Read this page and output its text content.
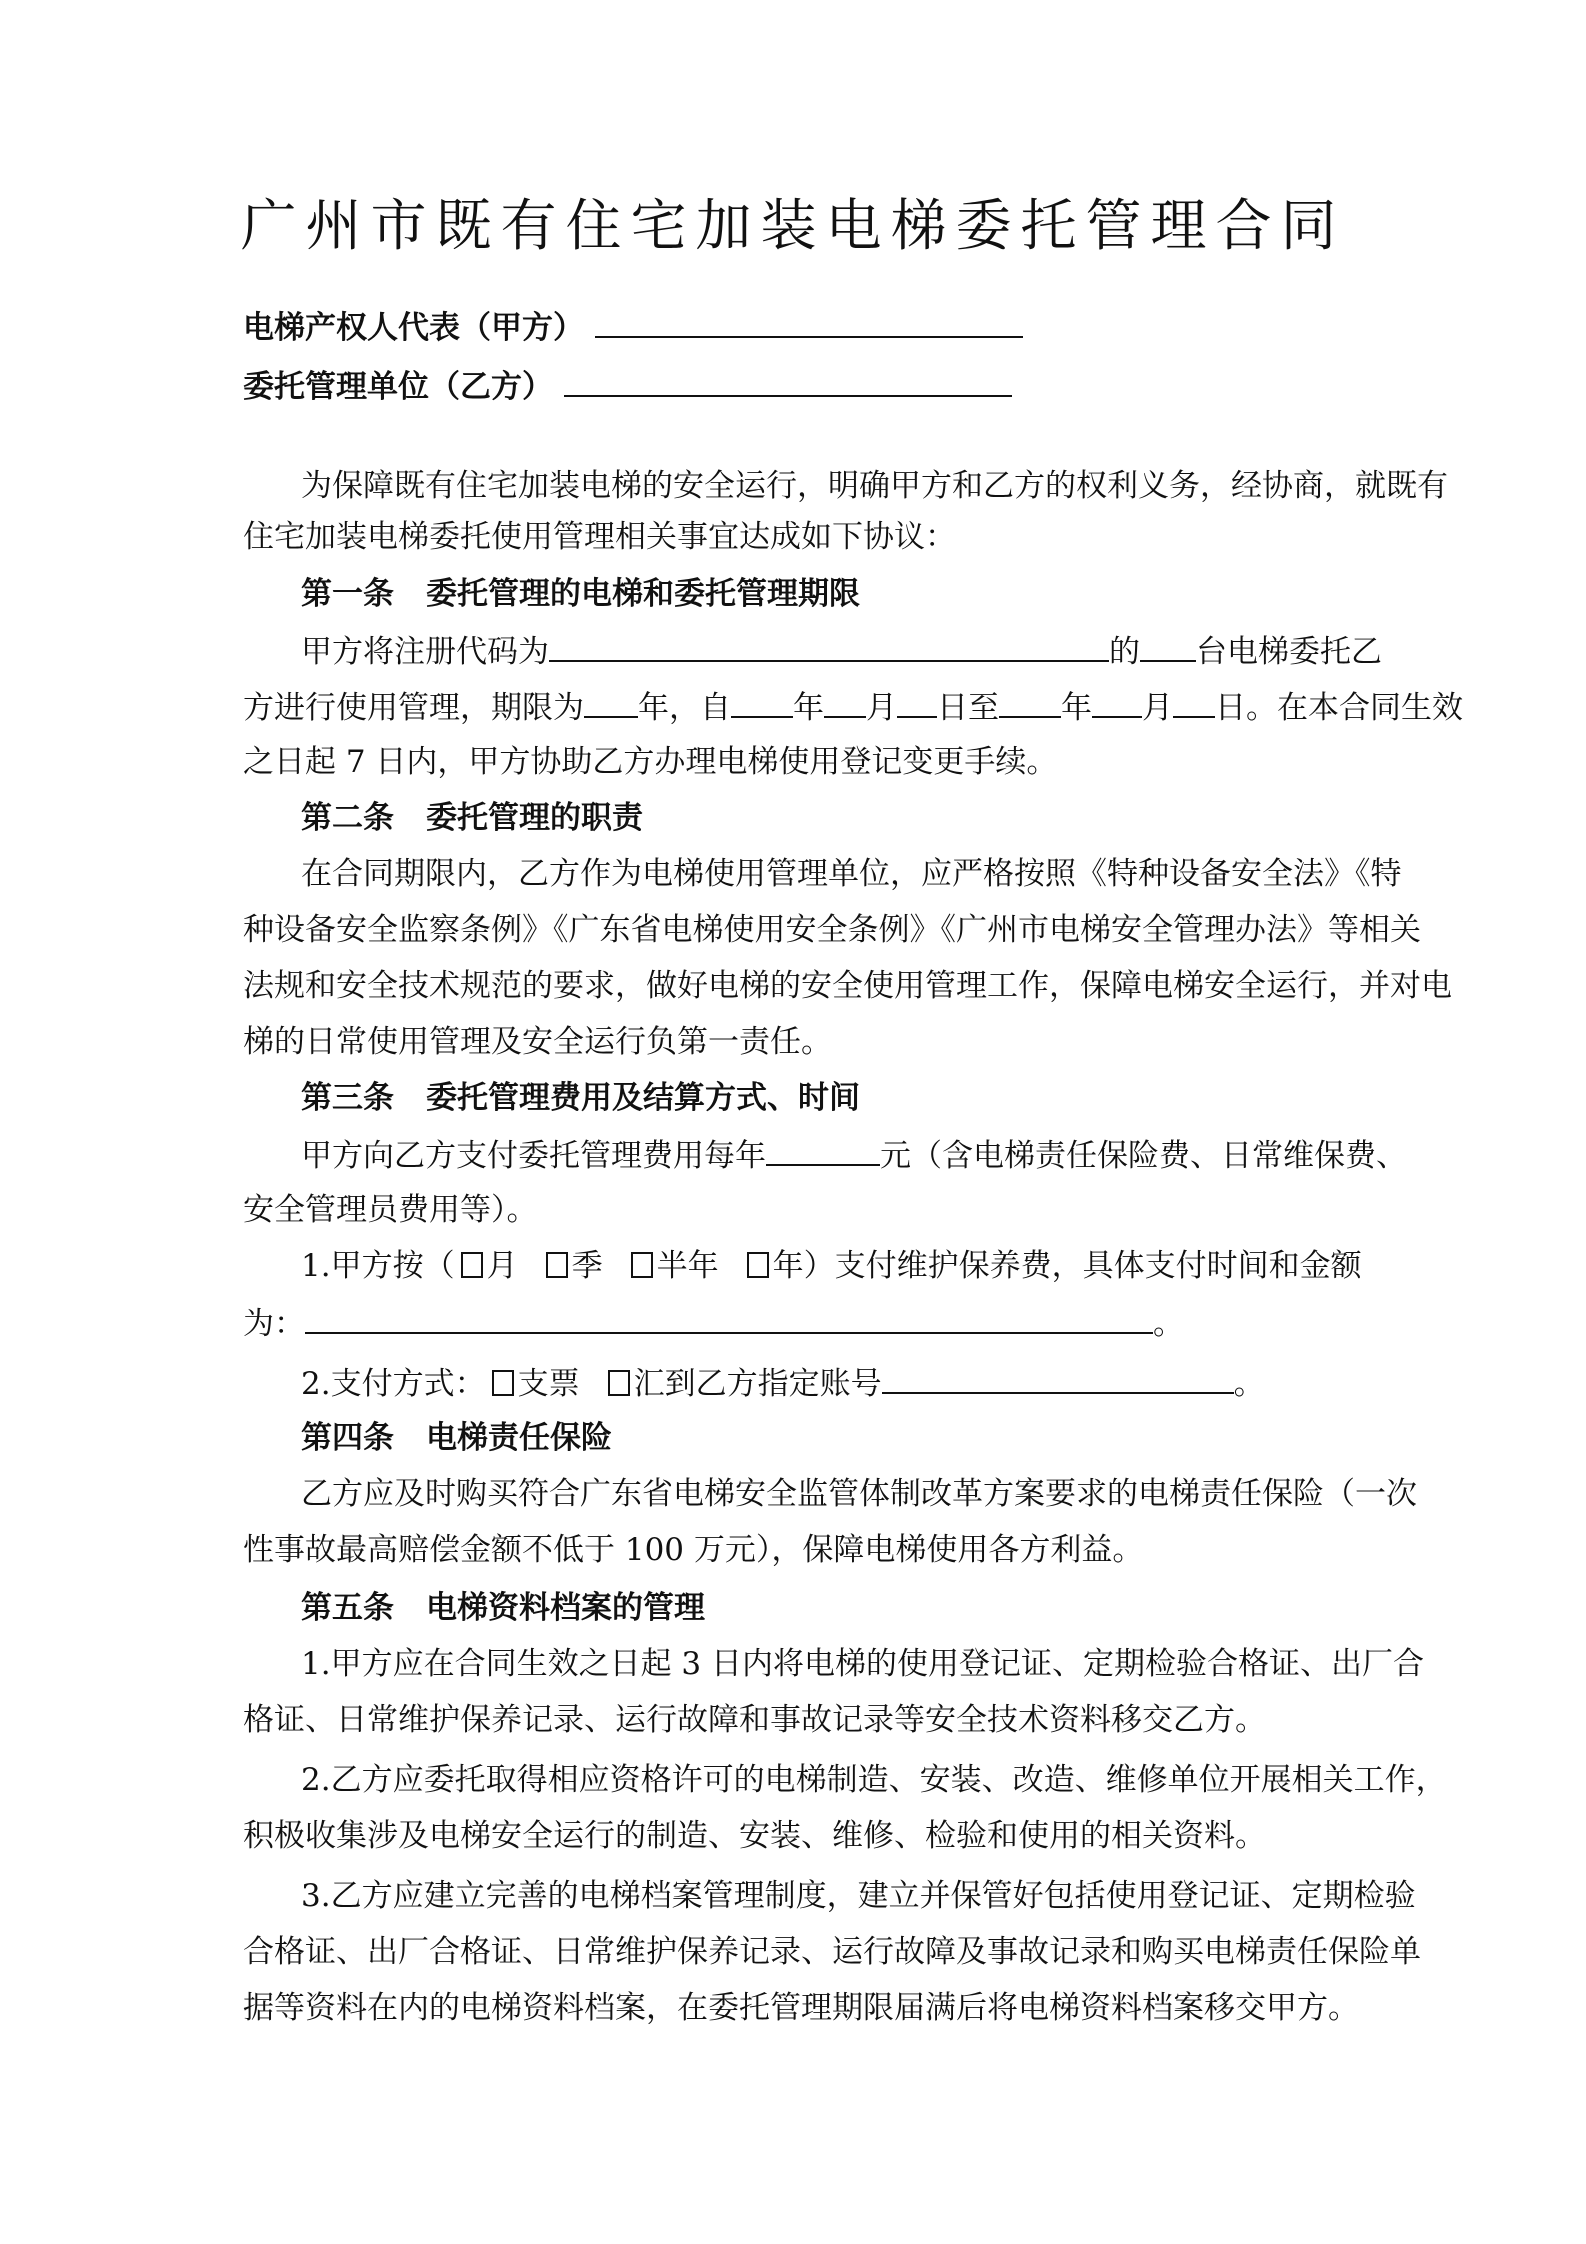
广州市既有住宅加装电梯委托管理合同
电梯产权人代表（甲方）
委托管理单位（乙方）
为保障既有住宅加装电梯的安全运行，明确甲方和乙方的权利义务，经协商，就既有
住宅加装电梯委托使用管理相关事宜达成如下协议：
第一条 委托管理的电梯和委托管理期限
甲方将注册代码为	的 台电梯委托乙
方进行使用管理，期限为 年，自 年 月 日至 年 月 日。在本合同生效
之日起 7 日内，甲方协助乙方办理电梯使用登记变更手续。
第二条 委托管理的职责
在合同期限内，乙方作为电梯使用管理单位，应严格按照《特种设备安全法》《特
种设备安全监察条例》《广东省电梯使用安全条例》《广州市电梯安全管理办法》等相关
法规和安全技术规范的要求，做好电梯的安全使用管理工作，保障电梯安全运行，并对电
梯的日常使用管理及安全运行负第一责任。
第三条 委托管理费用及结算方式、时间
甲方向乙方支付委托管理费用每年	元（含电梯责任保险费、日常维保费、
安全管理员费用等）。
1.甲方按（ 月 季 半年 年）支付维护保养费，具体支付时间和金额
为：	。
2.支付方式： 支票 汇到乙方指定账号	。
第四条 电梯责任保险
乙方应及时购买符合广东省电梯安全监管体制改革方案要求的电梯责任保险（一次
性事故最高赔偿金额不低于 100 万元），保障电梯使用各方利益。
第五条 电梯资料档案的管理
1.甲方应在合同生效之日起 3 日内将电梯的使用登记证、定期检验合格证、出厂合
格证、日常维护保养记录、运行故障和事故记录等安全技术资料移交乙方。
2.乙方应委托取得相应资格许可的电梯制造、安装、改造、维修单位开展相关工作，
积极收集涉及电梯安全运行的制造、安装、维修、检验和使用的相关资料。
3.乙方应建立完善的电梯档案管理制度，建立并保管好包括使用登记证、定期检验
合格证、出厂合格证、日常维护保养记录、运行故障及事故记录和购买电梯责任保险单
据等资料在内的电梯资料档案，在委托管理期限届满后将电梯资料档案移交甲方。
